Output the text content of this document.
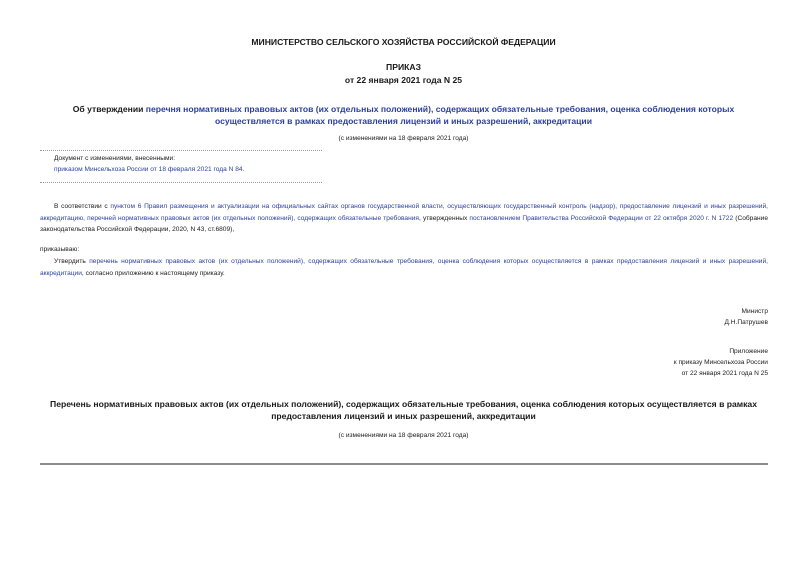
МИНИСТЕРСТВО СЕЛЬСКОГО ХОЗЯЙСТВА РОССИЙСКОЙ ФЕДЕРАЦИИ
ПРИКАЗ
от 22 января 2021 года N 25
Об утверждении перечня нормативных правовых актов (их отдельных положений), содержащих обязательные требования, оценка соблюдения которых осуществляется в рамках предоставления лицензий и иных разрешений, аккредитации
(с изменениями на 18 февраля 2021 года)
Документ с изменениями, внесенными:
приказом Минсельхоза России от 18 февраля 2021 года N 84.
В соответствии с пунктом 6 Правил размещения и актуализации на официальных сайтах органов государственной власти, осуществляющих государственный контроль (надзор), предоставление лицензий и иных разрешений, аккредитацию, перечней нормативных правовых актов (их отдельных положений), содержащих обязательные требования, утвержденных постановлением Правительства Российской Федерации от 22 октября 2020 г. N 1722 (Собрание законодательства Российской Федерации, 2020, N 43, ст.6809),
приказываю:
Утвердить перечень нормативных правовых актов (их отдельных положений), содержащих обязательные требования, оценка соблюдения которых осуществляется в рамках предоставления лицензий и иных разрешений, аккредитации, согласно приложению к настоящему приказу.
Министр
Д.Н.Патрушев
Приложение
к приказу Минсельхоза России
от 22 января 2021 года N 25
Перечень нормативных правовых актов (их отдельных положений), содержащих обязательные требования, оценка соблюдения которых осуществляется в рамках предоставления лицензий и иных разрешений, аккредитации
(с изменениями на 18 февраля 2021 года)
